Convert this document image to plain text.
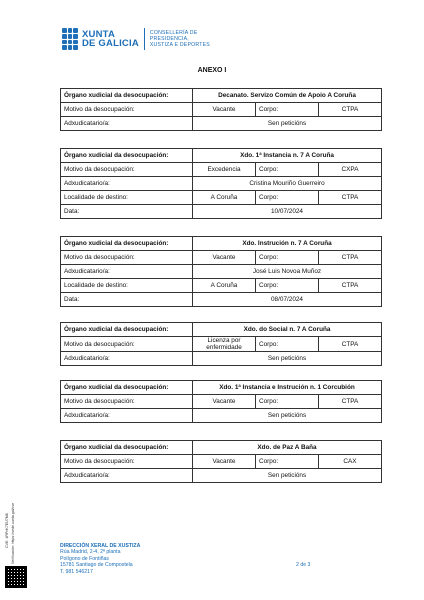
XUNTA
DE GALICIA
CONSELLERÍA DE
PRESIDENCIA,
XUSTIZA E DEPORTES
ANEXO I
Órgano xudicial da desocupación:	Decanato. Servizo Común de Apoio A Coruña		
Motivo da desocupación:	Vacante	Corpo:	CTPA
Adxudicatario/a:	Sen peticións		
Órgano xudicial da desocupación:	Xdo. 1ª Instancia n. 7 A Coruña		
Motivo da desocupación:	Excedencia	Corpo:	CXPA
Adxudicatario/a:	Cristina Mouriño Guerreiro		
Localidade de destino:	A Coruña	Corpo:	CTPA
Data:	10/07/2024		
Órgano xudicial da desocupación:	Xdo. Instrución n. 7 A Coruña		
Motivo da desocupación:	Vacante	Corpo:	CTPA
Adxudicatario/a:	José Luis Novoa Muñoz		
Localidade de destino:	A Coruña	Corpo:	CTPA
Data:	08/07/2024		
Órgano xudicial da desocupación:	Xdo. do Social n. 7 A Coruña		
Motivo da desocupación:	Licenza por enfermidade	Corpo:	CTPA
Adxudicatario/a:	Sen peticións		
Órgano xudicial da desocupación:	Xdo. 1ª Instancia e Instrución n. 1 Corcubión		
Motivo da desocupación:	Vacante	Corpo:	CTPA
Adxudicatario/a:	Sen peticións		
Órgano xudicial da desocupación:	Xdo. de Paz A Baña		
Motivo da desocupación:	Vacante	Corpo:	CAX
Adxudicatario/a:	Sen peticións		
CVE: 4RPnK7EU7M8 Verificación: https://sede.xunta.gal/cve	DIRECCIÓN XERAL DE XUSTIZA
Rúa Madrid, 2-4, 2ª planta
Polígono de Fontiñas
15781 Santiago de Compostela
T. 981 546217
2 de 3
